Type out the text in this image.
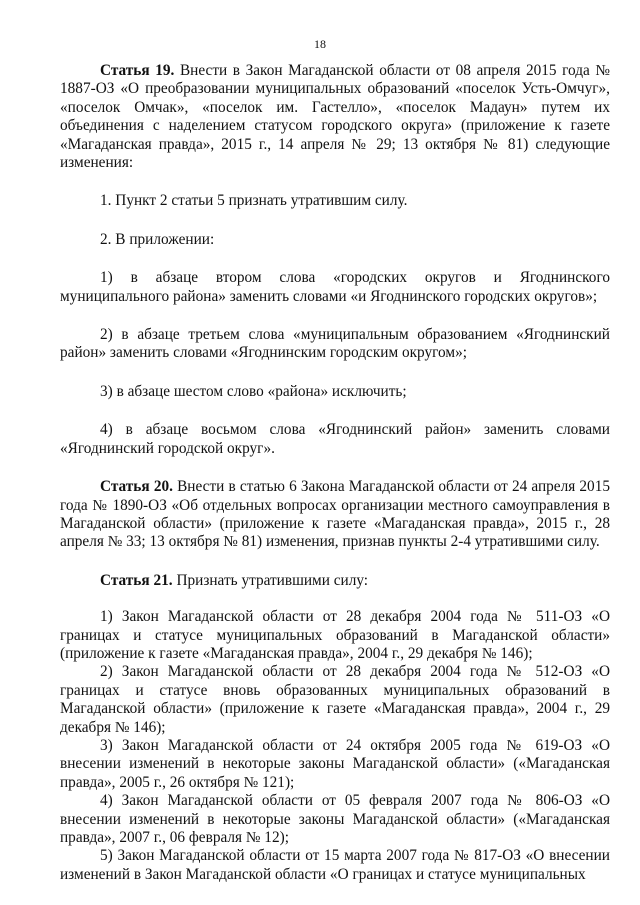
18

Статья 19. Внести в Закон Магаданской области от 08 апреля 2015 года № 1887-ОЗ «О преобразовании муниципальных образований «поселок Усть-Омчуг», «поселок Омчак», «поселок им. Гастелло», «поселок Мадаун» путем их объединения с наделением статусом городского округа» (приложение к газете «Магаданская правда», 2015 г., 14 апреля № 29; 13 октября № 81) следующие изменения:

1. Пункт 2 статьи 5 признать утратившим силу.

2. В приложении:

1) в абзаце втором слова «городских округов и Ягоднинского муниципального района» заменить словами «и Ягоднинского городских округов»;

2) в абзаце третьем слова «муниципальным образованием «Ягоднинский район» заменить словами «Ягоднинским городским округом»;

3) в абзаце шестом слово «района» исключить;

4) в абзаце восьмом слова «Ягоднинский район» заменить словами «Ягоднинский городской округ».

Статья 20. Внести в статью 6 Закона Магаданской области от 24 апреля 2015 года № 1890-ОЗ «Об отдельных вопросах организации местного самоуправления в Магаданской области» (приложение к газете «Магаданская правда», 2015 г., 28 апреля № 33; 13 октября № 81) изменения, признав пункты 2-4 утратившими силу.

Статья 21. Признать утратившими силу:

1) Закон Магаданской области от 28 декабря 2004 года № 511-ОЗ «О границах и статусе муниципальных образований в Магаданской области» (приложение к газете «Магаданская правда», 2004 г., 29 декабря № 146);

2) Закон Магаданской области от 28 декабря 2004 года № 512-ОЗ «О границах и статусе вновь образованных муниципальных образований в Магаданской области» (приложение к газете «Магаданская правда», 2004 г., 29 декабря № 146);

3) Закон Магаданской области от 24 октября 2005 года № 619-ОЗ «О внесении изменений в некоторые законы Магаданской области» («Магаданская правда», 2005 г., 26 октября № 121);

4) Закон Магаданской области от 05 февраля 2007 года № 806-ОЗ «О внесении изменений в некоторые законы Магаданской области» («Магаданская правда», 2007 г., 06 февраля № 12);

5) Закон Магаданской области от 15 марта 2007 года № 817-ОЗ «О внесении изменений в Закон Магаданской области «О границах и статусе муниципальных
